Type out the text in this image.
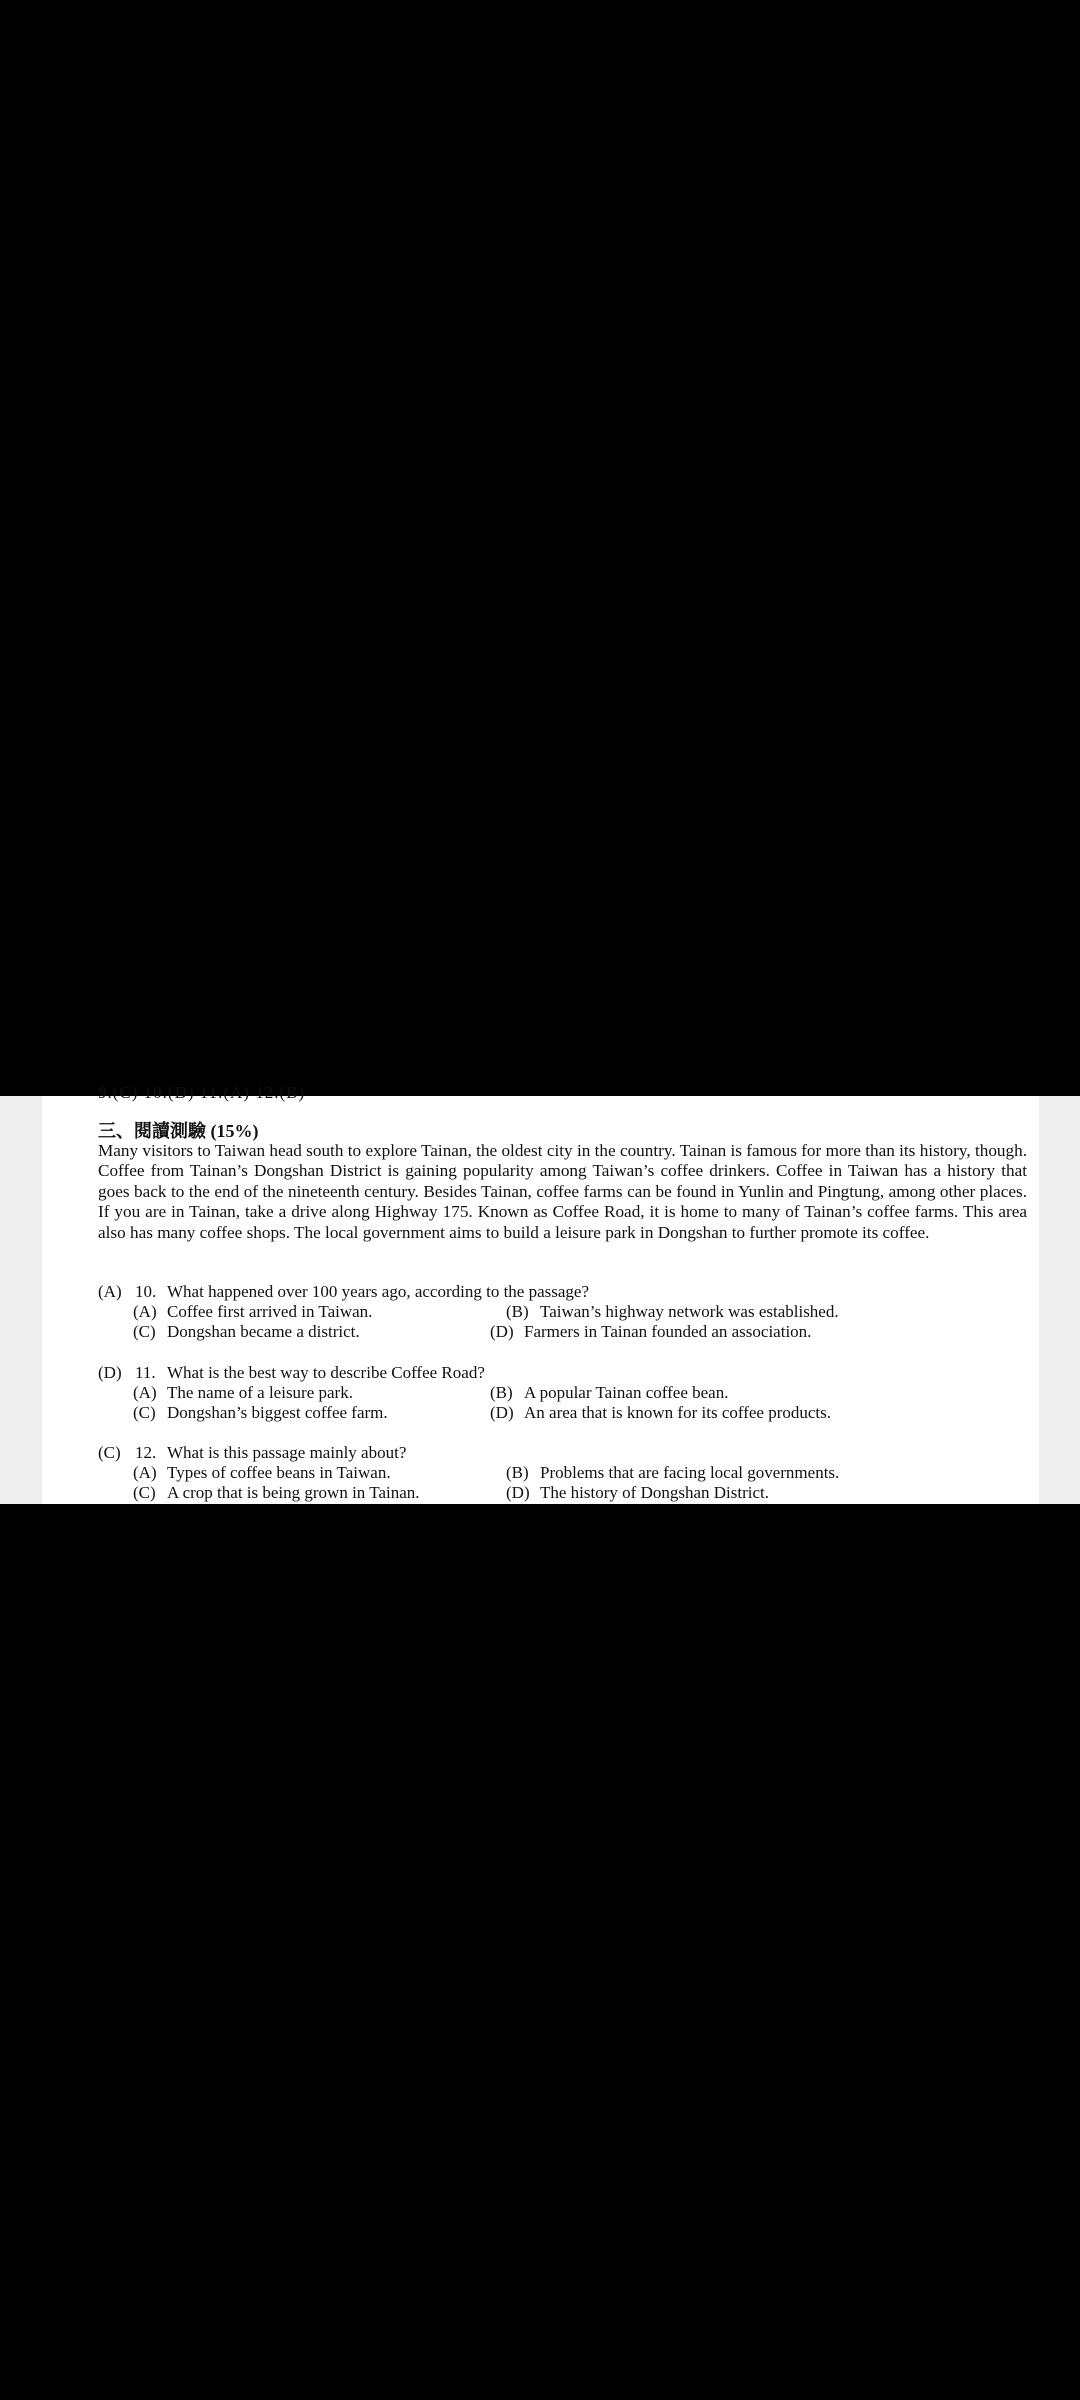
9.(C) 10.(D) 11.(A) 12.(B)
三、閱讀測驗 (15%)

Many visitors to Taiwan head south to explore Tainan, the oldest city in the country. Tainan is famous for more than its history, though. Coffee from Tainan’s Dongshan District is gaining popularity among Taiwan’s coffee drinkers. Coffee in Taiwan has a history that goes back to the end of the nineteenth century. Besides Tainan, coffee farms can be found in Yunlin and Pingtung, among other places. If you are in Tainan, take a drive along Highway 175. Known as Coffee Road, it is home to many of Tainan’s coffee farms. This area also has many coffee shops. The local government aims to build a leisure park in Dongshan to further promote its coffee.

(A) 10. What happened over 100 years ago, according to the passage?
(A) Coffee first arrived in Taiwan.	(B) Taiwan’s highway network was established.
(C) Dongshan became a district.	(D) Farmers in Tainan founded an association.
(D) 11. What is the best way to describe Coffee Road?
(A) The name of a leisure park.	(B) A popular Tainan coffee bean.
(C) Dongshan’s biggest coffee farm.	(D) An area that is known for its coffee products.
(C) 12. What is this passage mainly about?
(A) Types of coffee beans in Taiwan.	(B) Problems that are facing local governments.
(C) A crop that is being grown in Tainan.	(D) The history of Dongshan District.
